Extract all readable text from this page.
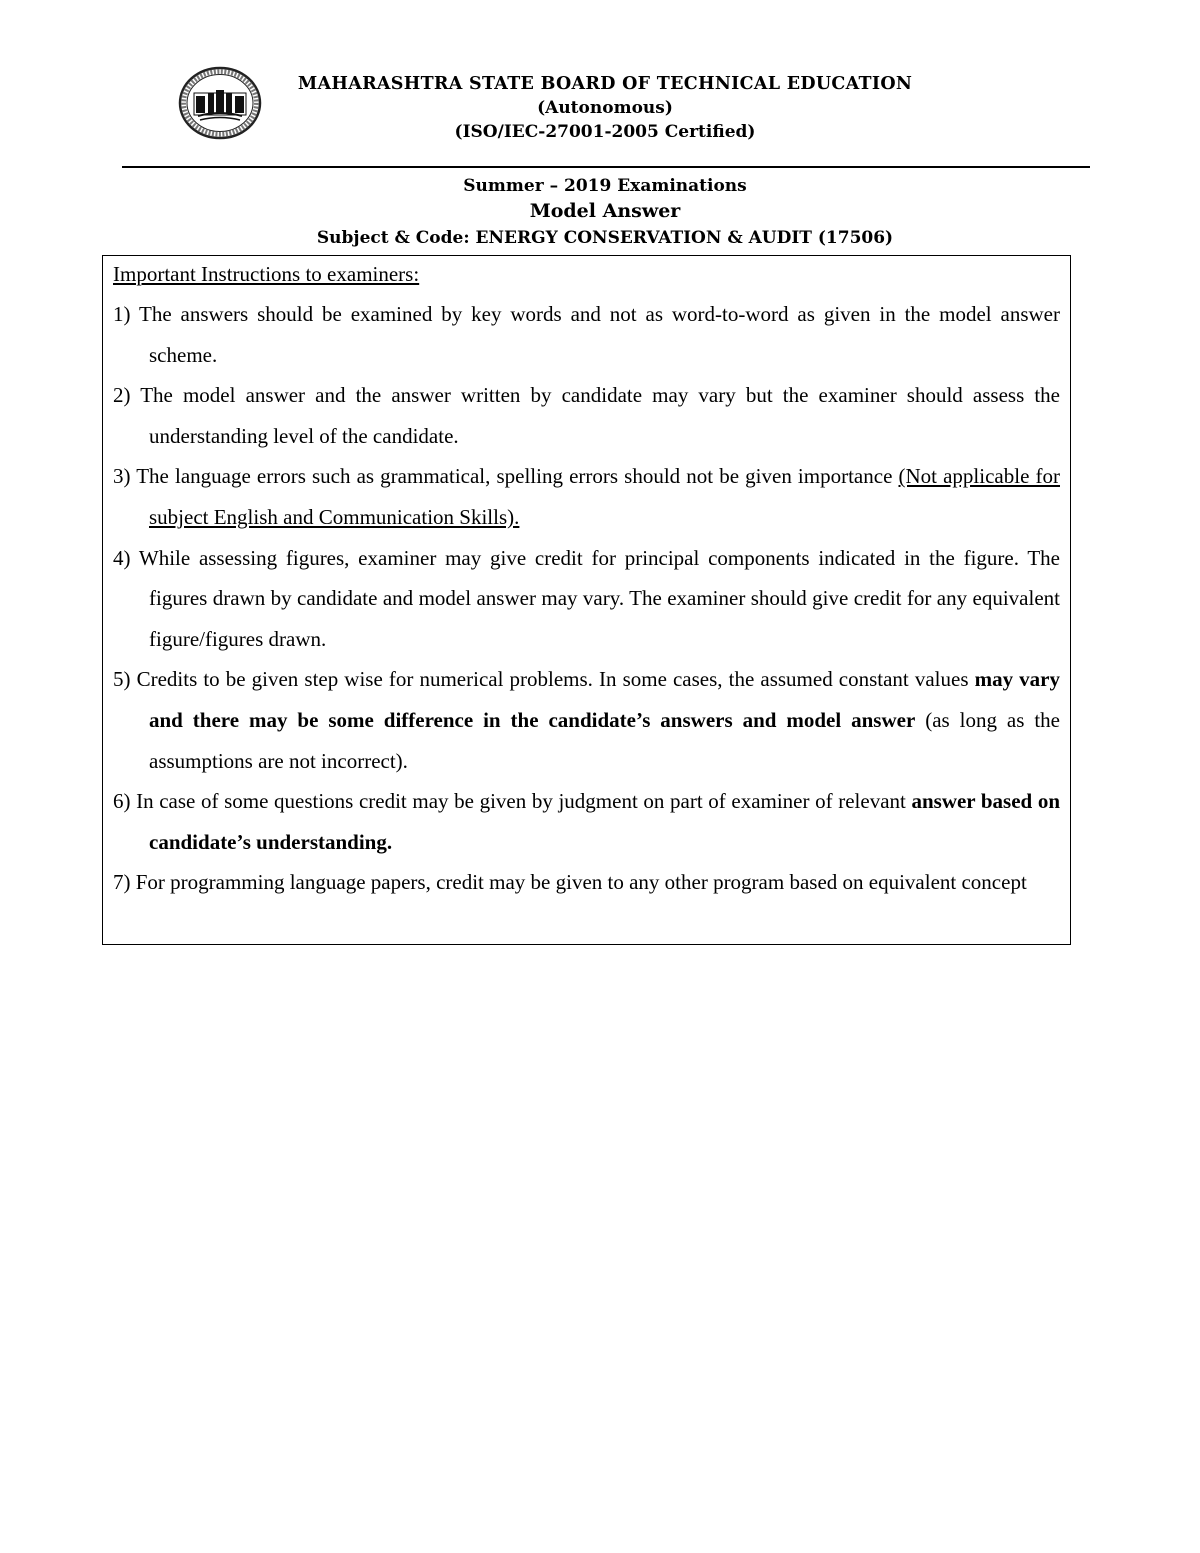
MAHARASHTRA STATE BOARD OF TECHNICAL EDUCATION
(Autonomous)
(ISO/IEC-27001-2005 Certified)
Summer – 2019 Examinations
Model Answer
Subject & Code: ENERGY CONSERVATION & AUDIT (17506)
Important Instructions to examiners:
1) The answers should be examined by key words and not as word-to-word as given in the model answer scheme.
2) The model answer and the answer written by candidate may vary but the examiner should assess the understanding level of the candidate.
3) The language errors such as grammatical, spelling errors should not be given importance (Not applicable for subject English and Communication Skills).
4) While assessing figures, examiner may give credit for principal components indicated in the figure. The figures drawn by candidate and model answer may vary. The examiner should give credit for any equivalent figure/figures drawn.
5) Credits to be given step wise for numerical problems. In some cases, the assumed constant values may vary and there may be some difference in the candidate’s answers and model answer (as long as the assumptions are not incorrect).
6) In case of some questions credit may be given by judgment on part of examiner of relevant answer based on candidate’s understanding.
7) For programming language papers, credit may be given to any other program based on equivalent concept
